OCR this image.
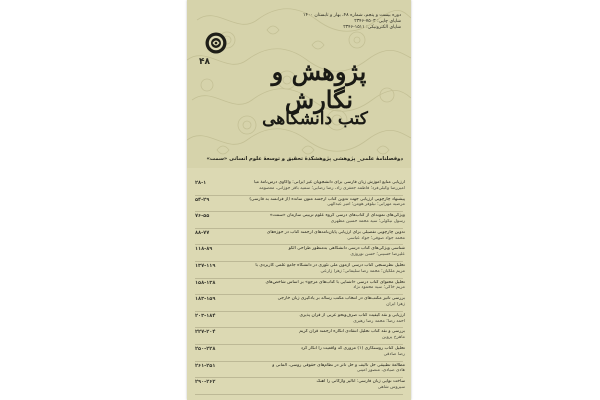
دوره بیست و پنجم، شماره ۴۸، بهار و تابستان ۱۴۰۰
شاپای چاپی: ۷۵۰۳-۲۳۴۶
شاپای الکترونیکی: ۱۵۱۱-۲۳۴۶
۴۸	پژوهش و نگارش
کتب دانشگاهی
دوفصلنامهٔ علمی_ پژوهشی پژوهشکدهٔ تحقیق و توسعهٔ علوم انسانی «سمت»
ارزیابی منابع آموزش زبان فارسی برای دانشجویان غیر ایرانی: واکاوی درس‌نامهٔ مبا
امیررضا وکیلی‌فرد؛ فاطمه جعفری راد، رضا رضایی؛ سمیه باقر جوزانی، معصومه
۲۸-۱
پیشنهاد چارچوبی ارزیابی جهت تدوین کتاب ارجمند متون سانده (از فرانسه به فارسی)
مرضیه مهرابی؛ نیلوفر هومن؛ آمیر عبدالهی
۵۴-۲۹
ویژگی‌های نمونه‌ای از کتاب‌های درسی گروه علوم تربیتی سازمان «سمت»
رسول نیکوئی؛ سید محمد حسین مظهری
۷۶-۵۵
تدوین چارچوبی تفصیلی برای ارزیابی پایان‌نامه‌های ارجمند کتاب در حوزه‌های
محمد جواد صوفی؛ جواد عباسی
۸۸-۷۷
شناسی ویژگی‌های کتاب درسی دانشگاهی به‌منظور طراحی الگو
علیرضا حسینی؛ حسن نوروزی
۱۱۸-۸۹
تحلیل نظرسنجی کتاب درسی آزمون ملی‌ تئوری در دانشگاه جامع علمی کاربردی با
مریم ملکیان؛ محمد رضا سلیمانی؛ زهرا زارعی
۱۳۷-۱۱۹
تحلیل محتوای کتاب درسی «آشنایی با کتاب‌های مرجع» بر اساس شاخص‌های
مریم خاکی؛ سید محمود نژاد
۱۵۸-۱۳۸
بررسی تأثیر مکتب‌های در انتخاب مکتب رساله بر یادگیری زبان خارجی
زهرا ایران
۱۸۳-۱۵۹
ارزیابی و نقد کیفیت کتاب صرف‌ونحو عربی از قرآن پذیری
احمد رضا؛ محمد رضا رهبری
۲۰۳-۱۸۴
بررسی و نقد کتاب تحلیل انتقادی انگاره ارجمند قرآن کریم
ماهرخ پروین
۲۲۷-۲۰۴
تحلیل کتاب روسنگاری (۱) مروری که واقعیت را انکار کرد
رضا صادقی
۲۵۰-۲۲۸
مطالعهٔ تطبیقی حل تالیف و حل تاثر در نظام‌های حقوقی روسی، آلمانی و
هادی صیادی، منصور امینی
۲۶۱-۲۵۱
ساخت نوایی زبان فارسی: آنالیز واژگانی را آهنگ
سیروس شاهی
۲۹۰-۲۶۲
